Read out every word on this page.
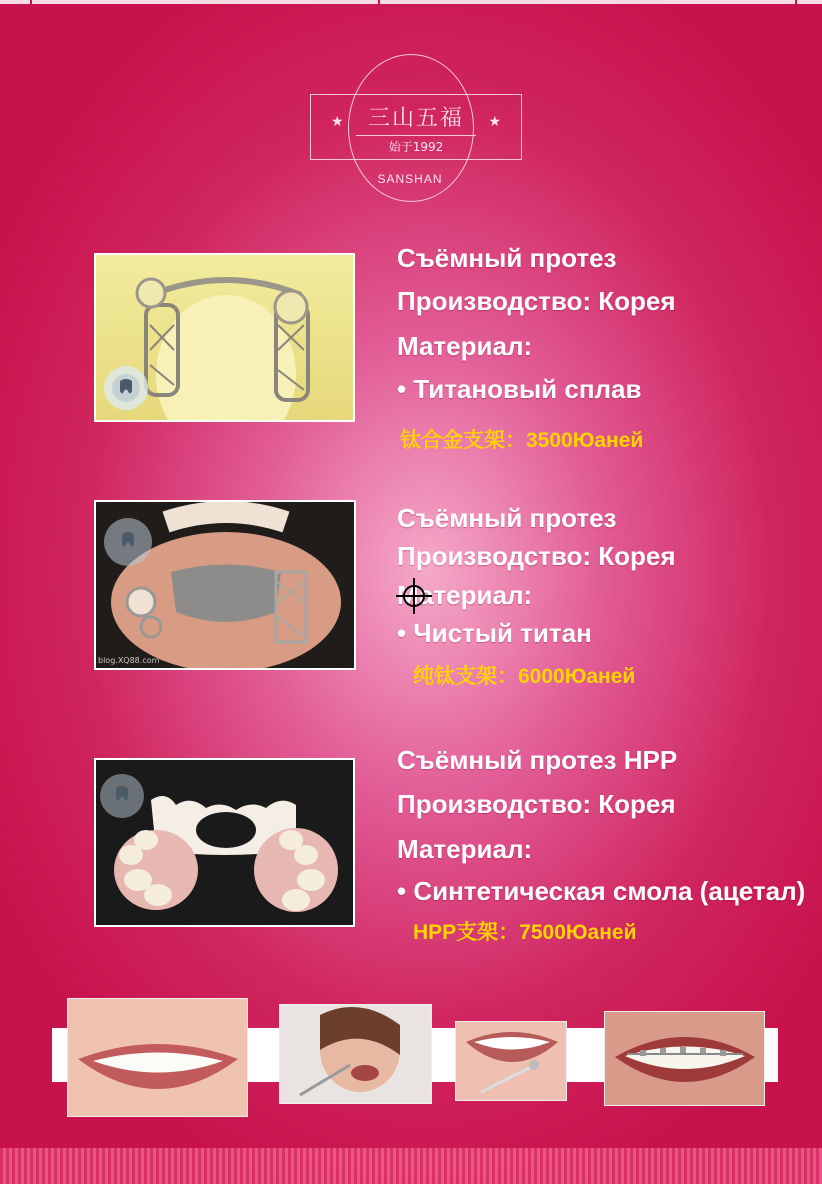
★	三山五福	★
始于1992
SANSHAN
Съёмный протез
Производство: Корея
Материал:
• Титановый сплав
钛合金支架：3500Юаней
blog.XQ88.com
Съёмный протез
Производство: Корея
Материал:
• Чистый титан
纯钛支架：6000Юаней
Съёмный протез HPP
Производство: Корея
Материал:
• Синтетическая смола (ацетал)
HPP支架：7500Юаней
